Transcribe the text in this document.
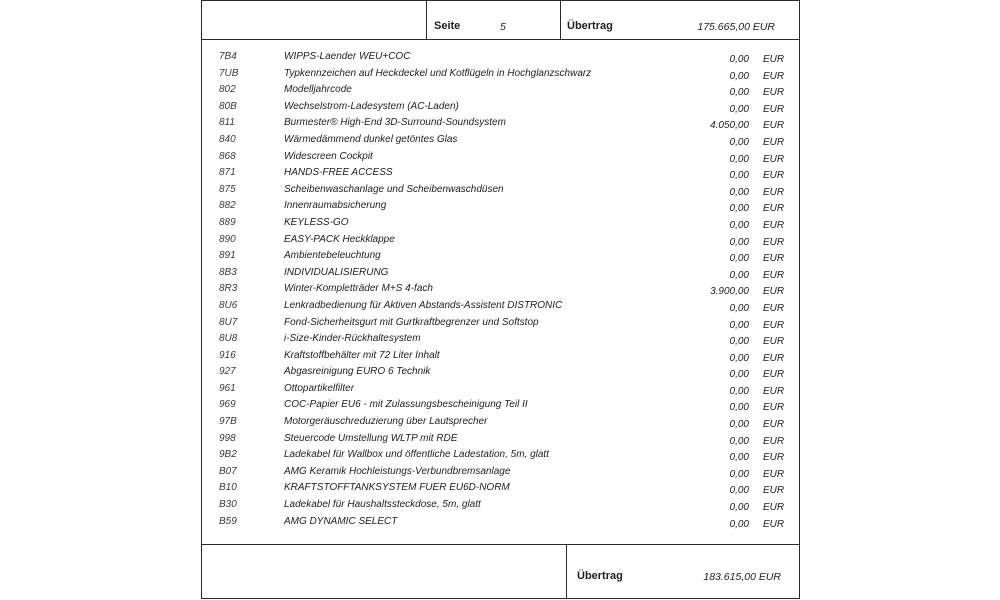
Seite	5	Übertrag	175.665,00 EUR
7B4	WIPPS-Laender WEU+COC	0,00 EUR
7UB	Typkennzeichen auf Heckdeckel und Kotflügeln in Hochglanzschwarz	0,00 EUR
802	Modelljahrcode	0,00 EUR
80B	Wechselstrom-Ladesystem (AC-Laden)	0,00 EUR
811	Burmester® High-End 3D-Surround-Soundsystem	4.050,00 EUR
840	Wärmedämmend dunkel getöntes Glas	0,00 EUR
868	Widescreen Cockpit	0,00 EUR
871	HANDS-FREE ACCESS	0,00 EUR
875	Scheibenwaschanlage und Scheibenwaschdüsen	0,00 EUR
882	Innenraumabsicherung	0,00 EUR
889	KEYLESS-GO	0,00 EUR
890	EASY-PACK Heckklappe	0,00 EUR
891	Ambientebeleuchtung	0,00 EUR
8B3	INDIVIDUALISIERUNG	0,00 EUR
8R3	Winter-Kompletträder M+S 4-fach	3.900,00 EUR
8U6	Lenkradbedienung für Aktiven Abstands-Assistent DISTRONIC	0,00 EUR
8U7	Fond-Sicherheitsgurt mit Gurtkraftbegrenzer und Softstop	0,00 EUR
8U8	i-Size-Kinder-Rückhaltesystem	0,00 EUR
916	Kraftstoffbehälter mit 72 Liter Inhalt	0,00 EUR
927	Abgasreinigung EURO 6 Technik	0,00 EUR
961	Ottopartikelfilter	0,00 EUR
969	COC-Papier EU6 - mit Zulassungsbescheinigung Teil II	0,00 EUR
97B	Motorgeräuschreduzierung über Lautsprecher	0,00 EUR
998	Steuercode Umstellung WLTP mit RDE	0,00 EUR
9B2	Ladekabel für Wallbox und öffentliche Ladestation, 5m, glatt	0,00 EUR
B07	AMG Keramik Hochleistungs-Verbundbremsanlage	0,00 EUR
B10	KRAFTSTOFFTANKSYSTEM FUER EU6D-NORM	0,00 EUR
B30	Ladekabel für Haushaltssteckdose, 5m, glatt	0,00 EUR
B59	AMG DYNAMIC SELECT	0,00 EUR
Übertrag	183.615,00 EUR
